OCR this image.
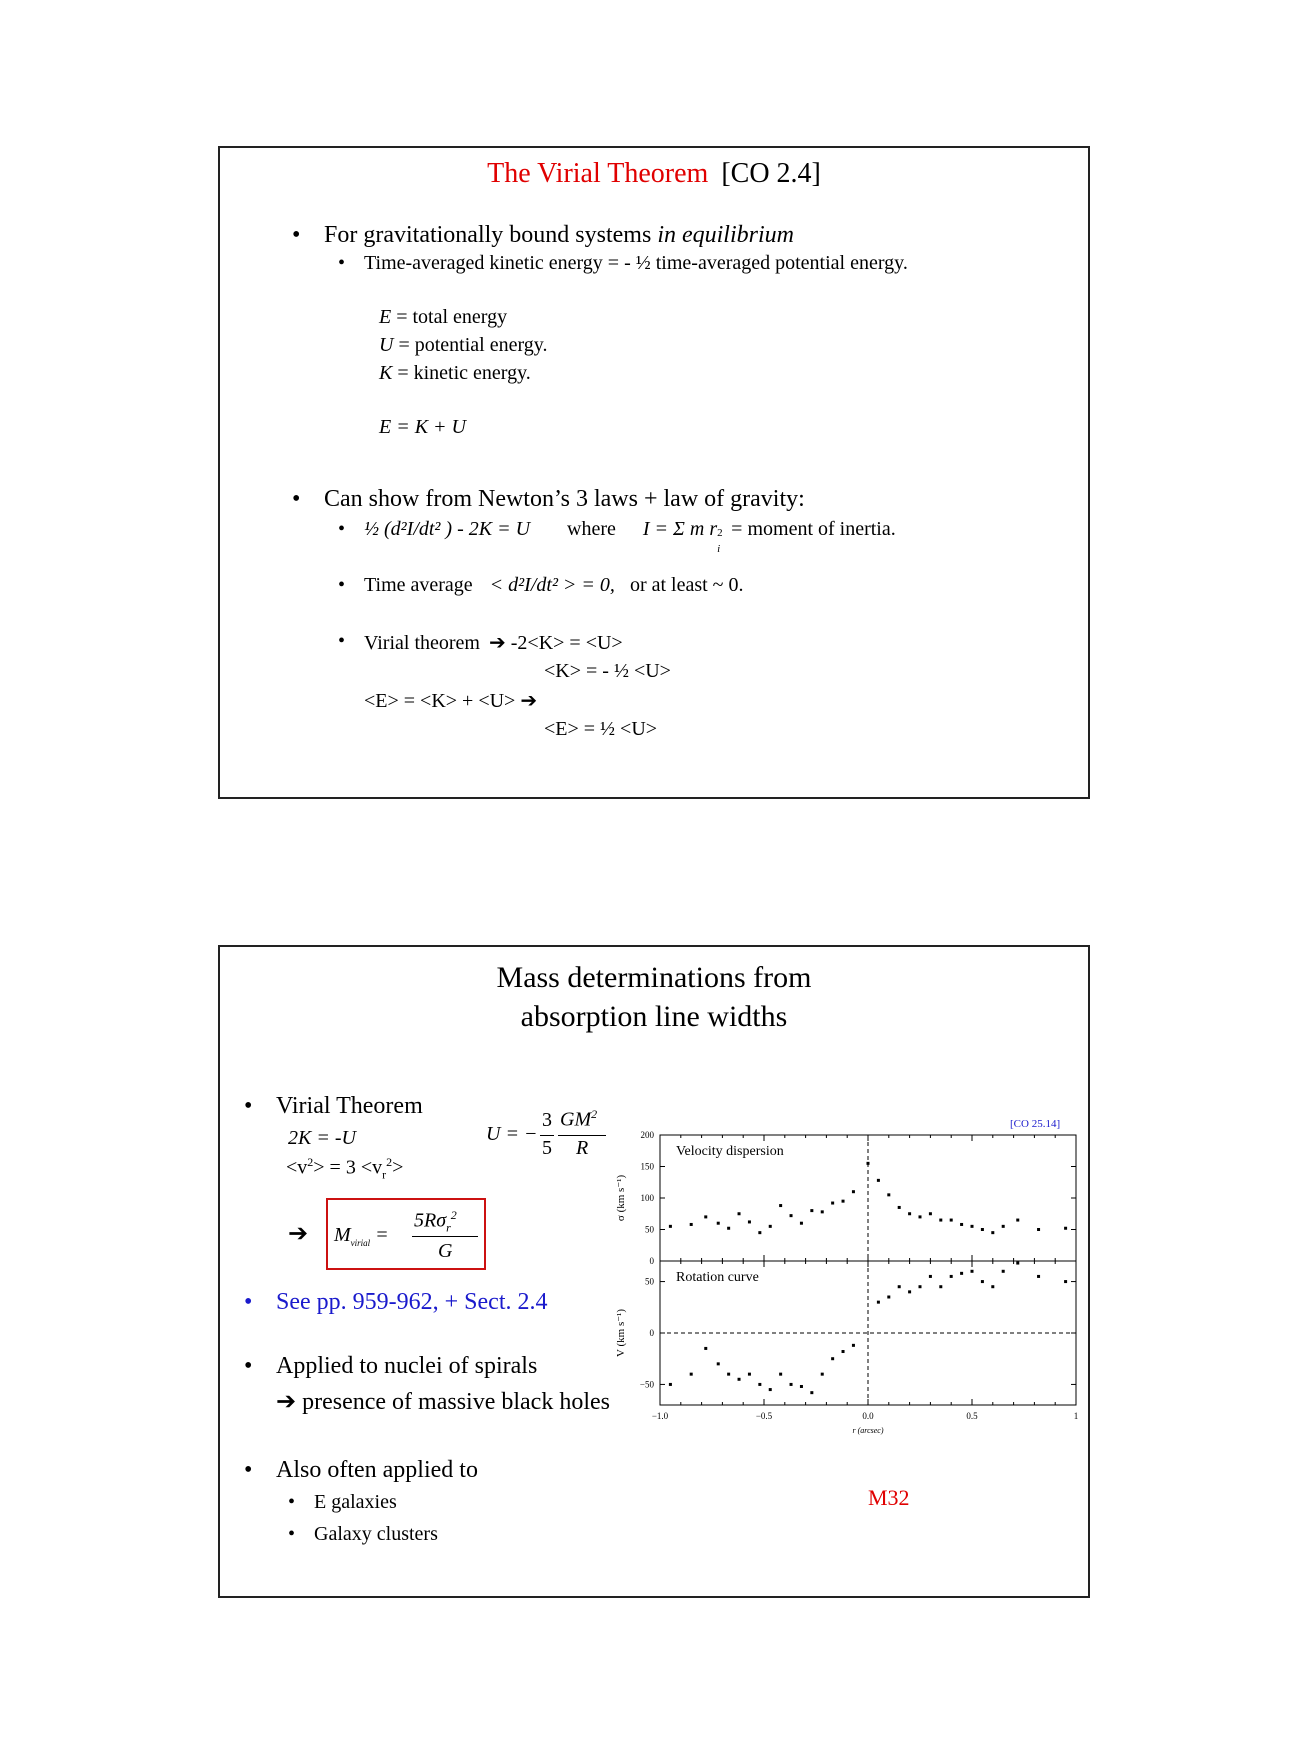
The Virial Theorem [CO 2.4]
• For gravitationally bound systems in equilibrium
• Time-averaged kinetic energy = - ½ time-averaged potential energy.
E = total energy
U = potential energy.
K = kinetic energy.
E = K + U
• Can show from Newton’s 3 laws + law of gravity:
• ½ (d²I/dt² ) - 2K = U where I = Σ m r 2
i
= moment of inertia.
• Time average < d²I/dt² > = 0, or at least ~ 0.
• Virial theorem ➔ -2<K> = <U>
<K> = - ½ <U>
<E> = <K> + <U> ➔
<E> = ½ <U>
Mass determinations from
absorption line widths
• Virial Theorem
2K = -U
$<v^2> = 3 <v_r^2>$
U = −
3
5
$GM^2$
R
➔ $M_{virial}$ =
$5R\sigma_r^2$
G
• See pp. 959-962, + Sect. 2.4
• Applied to nuclei of spirals
➔ presence of massive black holes
• Also often applied to
• E galaxies
• Galaxy clusters
0
50
100
150
200
Velocity dispersion
σ (km s⁻¹)
−50
0
50 Rotation curve
V (km s⁻¹)
−1.0	−0.5	0.0	0.5	1
r (arcsec)
[CO 25.14]
M32
